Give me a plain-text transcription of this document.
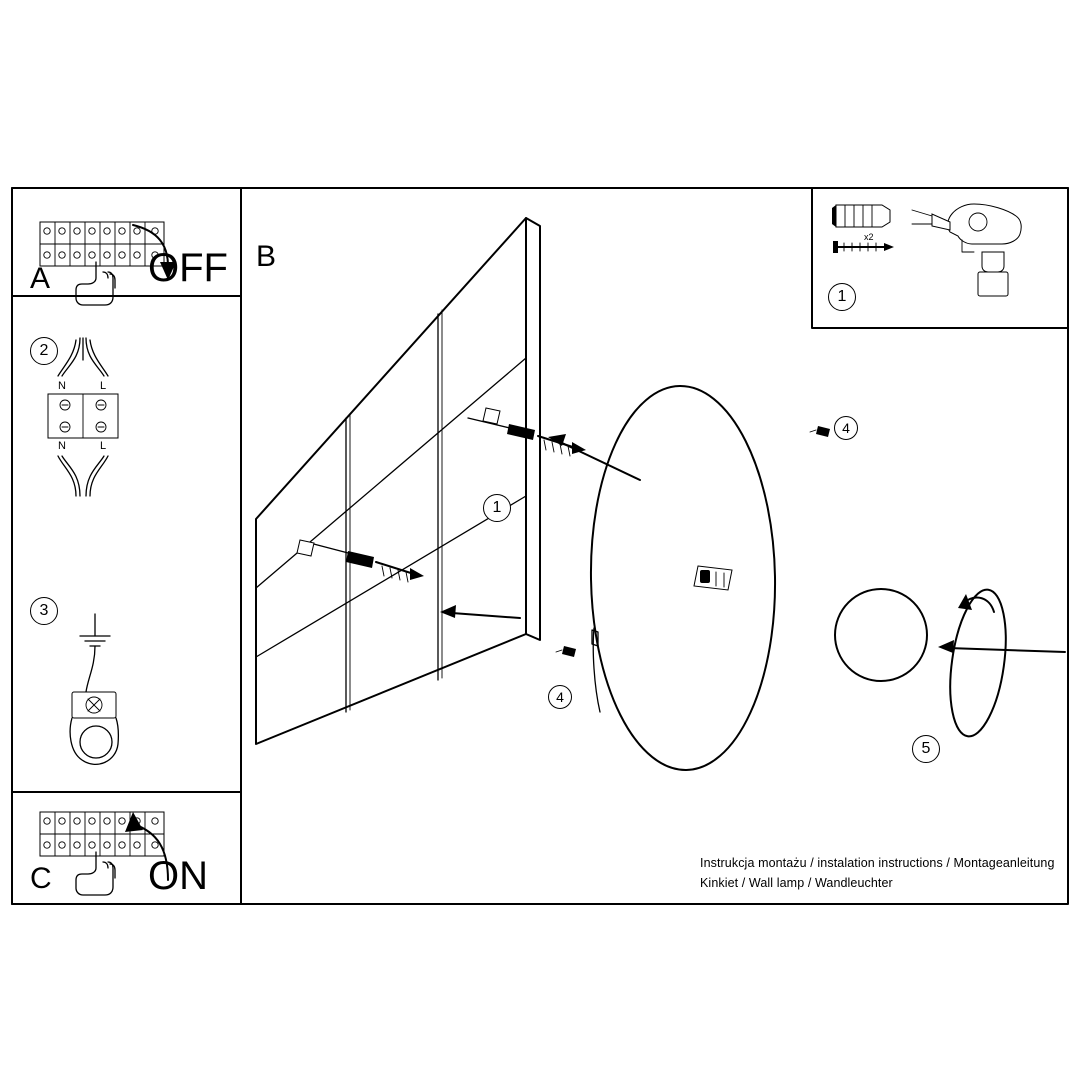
A OFF B
C ON
N	L
N	L
x2
2
3
1
1
4
4
5
Instrukcja montażu / instalation instructions / Montageanleitung
Kinkiet / Wall lamp / Wandleuchter
